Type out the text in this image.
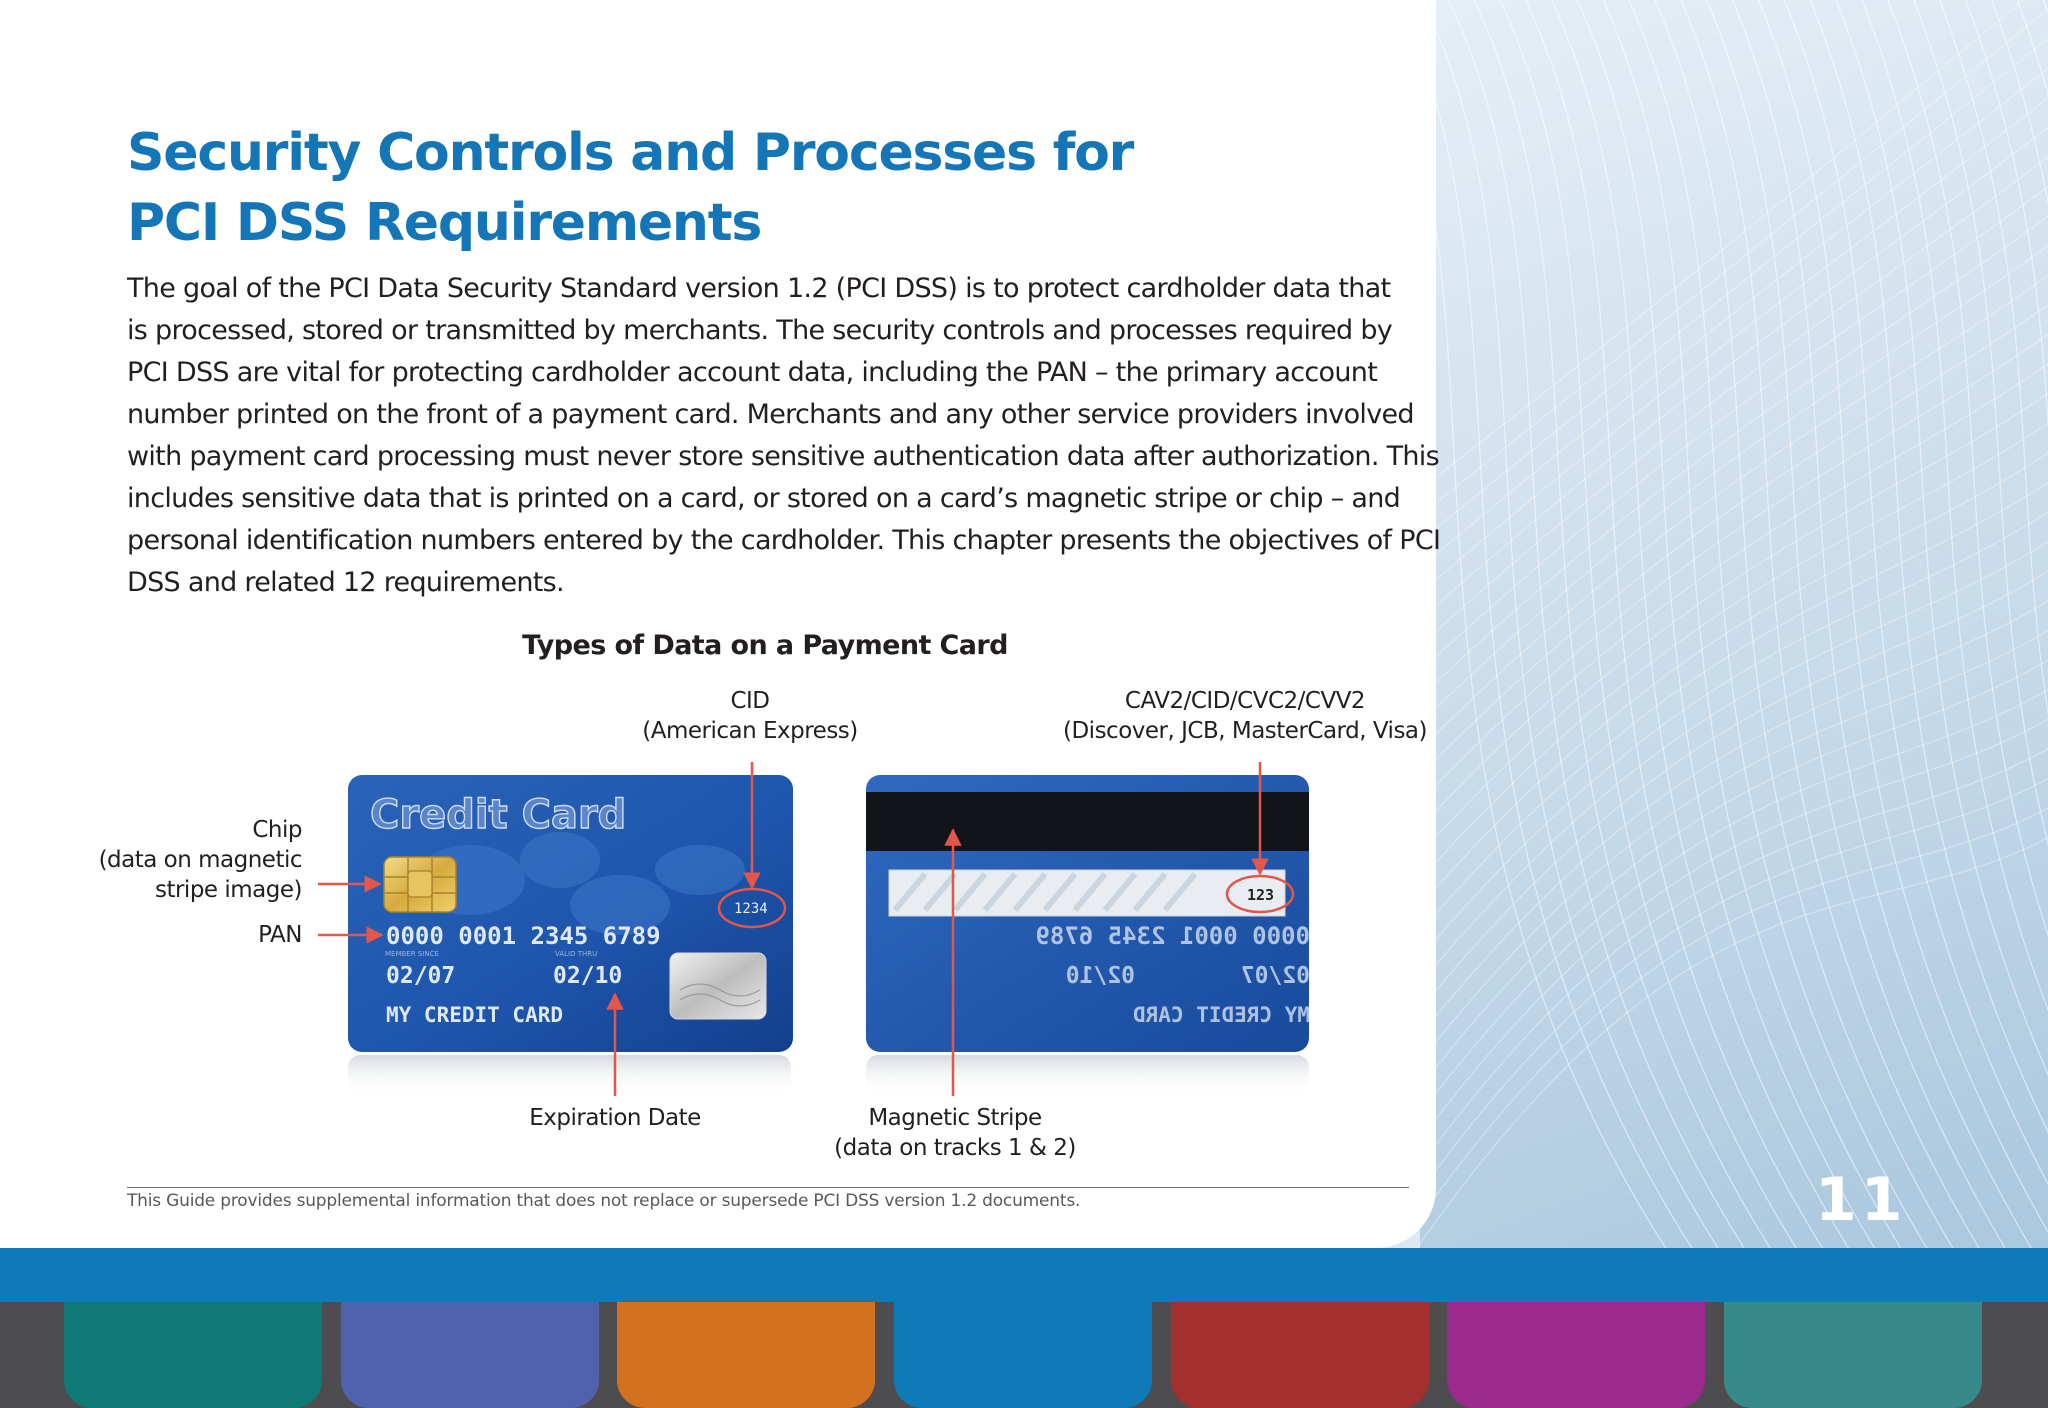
11
Security Controls and Processes for
PCI DSS Requirements

The goal of the PCI Data Security Standard version 1.2 (PCI DSS) is to protect cardholder data that
is processed, stored or transmitted by merchants. The security controls and processes required by
PCI DSS are vital for protecting cardholder account data, including the PAN – the primary account
number printed on the front of a payment card. Merchants and any other service providers involved
with payment card processing must never store sensitive authentication data after authorization. This
includes sensitive data that is printed on a card, or stored on a card’s magnetic stripe or chip – and
personal identification numbers entered by the cardholder. This chapter presents the objectives of PCI
DSS and related 12 requirements.

Types of Data on a Payment Card
CID
(American Express)
CAV2/CID/CVC2/CVV2
(Discover, JCB, MasterCard, Visa)
Chip
(data on magnetic
stripe image)
PAN
Expiration Date	Magnetic Stripe
(data on tracks 1 & 2)
Credit Card
0000 0001 2345 6789
MEMBER SINCE	VALID THRU
02/07	02/10
MY CREDIT CARD
1234
123
0000 0001 2345 6789
02/07
02/10
MY CREDIT CARD
This Guide provides supplemental information that does not replace or supersede PCI DSS version 1.2 documents.
